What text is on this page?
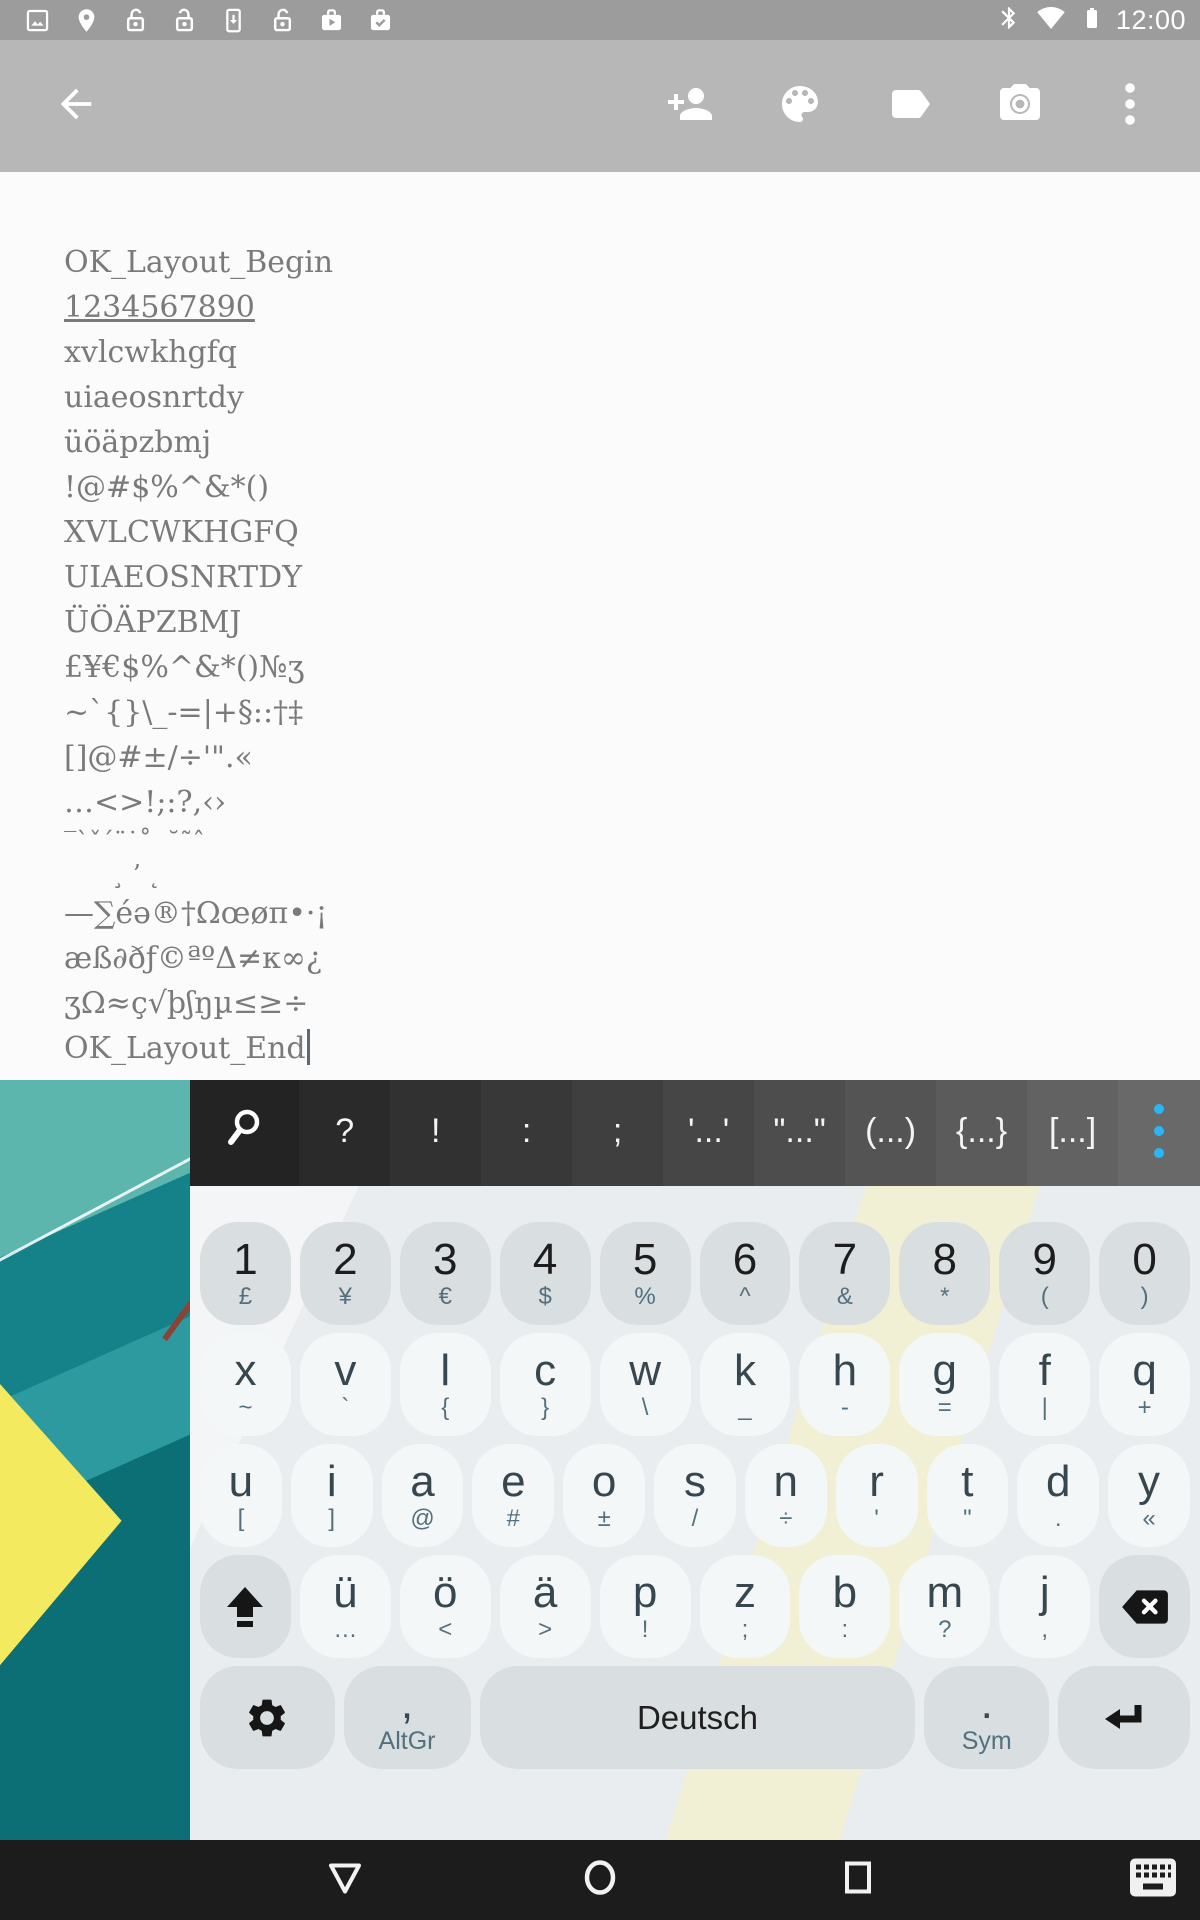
12:00
OK_Layout_Begin
1234567890
xvlcwkhgfq
uiaeosnrtdy
üöäpzbmj
!@#$%^&*()
XVLCWKHGFQ
UIAEOSNRTDY
ÜÖÄPZBMJ
£¥€$%^&*()№ʒ
~`{}\_-=|+§::†‡
[]@#±/÷'".«
…<>!;:?,‹›
‾ˋˇˊ¨˙˚  ˘˜ˆ
¸ ʼ ˛
—∑éə®†Ωœøπ•·¡
æß∂ðƒ©ªºΔ≠κ∞¿
ʒΩ≈ç√þʃŋµ≤≥÷
OK_Layout_End
? ! : ; '...' "..." (...) {...} [...]
1
£
2
¥
3
€
4
$
5
%
6
^
7
&
8
*
9
(
0
)
x
~
v
`
l
{
c
}
w
\
k
_
h
-
g
=
f
|
q
+
u
[
i
]
a
@
e
#
o
±
s
/
n
÷
r
'
t
"
d
.
y
«
ü
…
ö
<
ä
>
p
!
z
;
b
:
m
?
j
,
,
AltGr
Deutsch	.
Sym
